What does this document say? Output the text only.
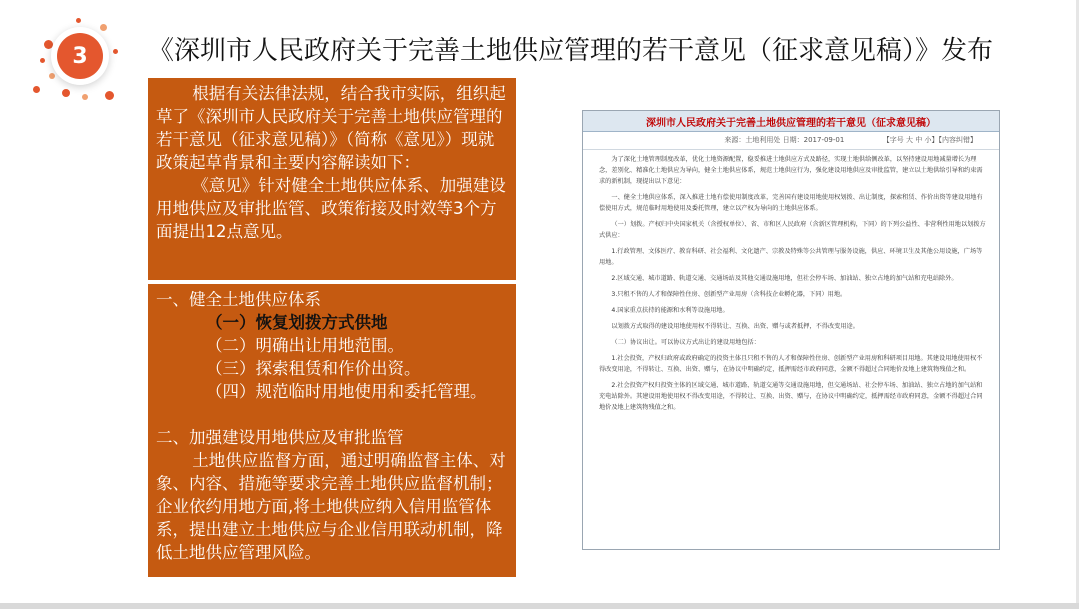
3	《深圳市人民政府关于完善土地供应管理的若干意见（征求意见稿）》发布

根据有关法律法规，结合我市实际，组织起草了《深圳市人民政府关于完善土地供应管理的若干意见（征求意见稿）》（简称《意见》）现就政策起草背景和主要内容解读如下：

《意见》针对健全土地供应体系、加强建设用地供应及审批监管、政策衔接及时效等3个方面提出12点意见。

一、健全土地供应体系

（一）恢复划拨方式供地

（二）明确出让用地范围。

（三）探索租赁和作价出资。

（四）规范临时用地使用和委托管理。

二、加强建设用地供应及审批监管

土地供应监督方面，通过明确监督主体、对象、内容、措施等要求完善土地供应监督机制；企业依约用地方面,将土地供应纳入信用监管体系，提出建立土地供应与企业信用联动机制，降低土地供应管理风险。

深圳市人民政府关于完善土地供应管理的若干意见（征求意见稿）
来源：土地利用处 日期：2017-09-01　　　　　　【字号 大 中 小】【内容纠错】

为了深化土地管理制度改革，优化土地资源配置，稳妥推进土地供应方式及路径，实现土地供给侧改革，以坚持建设用地减量增长为理念，差别化、精准化土地供应为导向，健全土地供应体系，规范土地供应行为，强化建设用地供应及审批监管，建立以土地供给引导和约束需求的新机制，现提出以下意见：

一、健全土地供应体系，深入推进土地有偿使用制度改革，完善国有建设用地使用权划拨、出让制度，探索租赁、作价出资等建设用地有偿使用方式，规范临时用地使用及委托管理，建立以产权为导向的土地供应体系。

（一）划拨。产权归中央国家机关（含授权单位）、省、市和区人民政府（含新区管理机构，下同）的下列公益性、非营利性用地以划拨方式供应：

1.行政管理、文体医疗、教育科研、社会福利、文化遗产、宗教及特殊等公共管理与服务设施，供应、环境卫生及其他公用设施，广场等用地。

2.区域交通、城市道路、轨道交通、交通场站及其他交通设施用地，但社会停车场、加油站、独立占地的加气站和充电站除外。

3.只租不售的人才和保障性住房、创新型产业用房（含科技企业孵化器，下同）用地。

4.国家重点扶持的能源和水利等设施用地。

以划拨方式取得的建设用地使用权不得转让、互换、出资、赠与或者抵押，不得改变用途。

（二）协议出让。可以协议方式出让的建设用地包括：

1.社会投资，产权归政府或政府确定的投资主体且只租不售的人才和保障性住房、创新型产业用房和科研项目用地。其建设用地使用权不得改变用途，不得转让、互换、出资、赠与，在协议中明确约定，抵押需经市政府同意，金额不得超过合同地价及地上建筑物残值之和。

2.社会投资产权归投资主体的区域交通、城市道路、轨道交通等交通设施用地，但交通场站、社会停车场、加油站、独立占地的加气站和充电站除外。其建设用地使用权不得改变用途，不得转让、互换、出资、赠与，在协议中明确约定，抵押需经市政府同意，金额不得超过合同地价及地上建筑物残值之和。
